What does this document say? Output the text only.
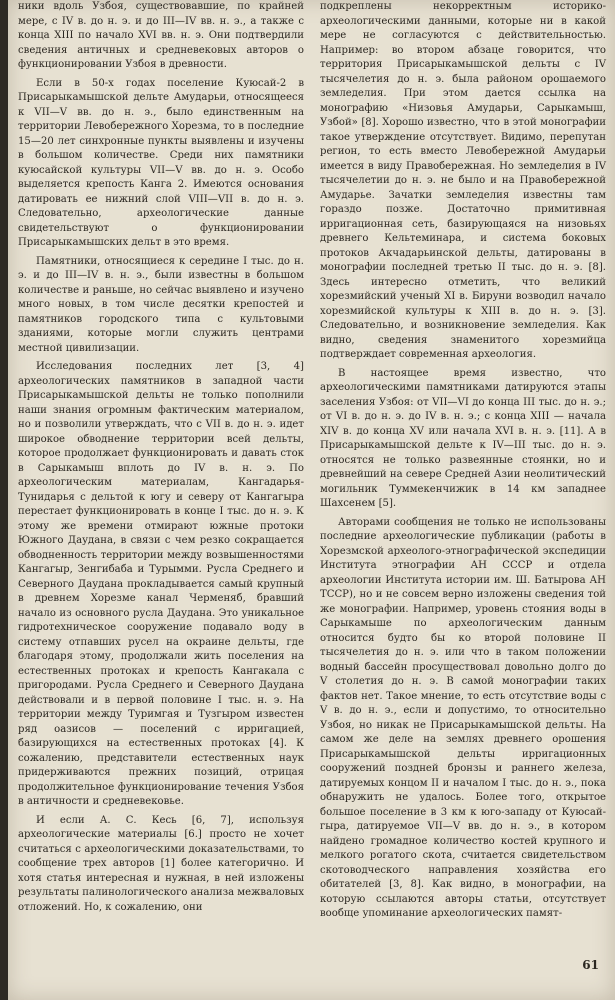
ники вдоль Узбоя, существовавшие, по крайней мере, с IV в. до н. э. и до III—IV вв. н. э., а также с конца XIII по начало XVI вв. н. э. Они подтвердили сведения античных и средневековых авторов о функционировании Узбоя в древности.

Если в 50-х годах поселение Куюсай-2 в Присарыкамышской дельте Амударьи, относящееся к VII—V вв. до н. э., было единственным на территории Левобережного Хорезма, то в последние 15—20 лет синхронные пункты выявлены и изучены в большом количестве. Среди них памятники куюсайской культуры VII—V вв. до н. э. Особо выделяется крепость Канга 2. Имеются основания датировать ее нижний слой VIII—VII в. до н. э. Следовательно, археологические данные свидетельствуют о функционировании Присарыкамышских дельт в это время.

Памятники, относящиеся к середине I тыс. до н. э. и до III—IV в. н. э., были известны в большом количестве и раньше, но сейчас выявлено и изучено много новых, в том числе десятки крепостей и памятников городского типа с культовыми зданиями, которые могли служить центрами местной цивилизации.

Исследования последних лет [3, 4] археологических памятников в западной части Присарыкамышской дельты не только пополнили наши знания огромным фактическим материалом, но и позволили утверждать, что с VII в. до н. э. идет широкое обводнение территории всей дельты, которое продолжает функционировать и давать сток в Сарыкамыш вплоть до IV в. н. э. По археологическим материалам, Кангадарья-Тунидарья с дельтой к югу и северу от Кангагыра перестает функционировать в конце I тыс. до н. э. К этому же времени отмирают южные протоки Южного Даудана, в связи с чем резко сокращается обводненность территории между возвышенностями Кангагыр, Зенгибаба и Турымми. Русла Среднего и Северного Даудана прокладывается самый крупный в древнем Хорезме канал Черменяб, бравший начало из основного русла Даудана. Это уникальное гидротехническое сооружение подавало воду в систему отпавших русел на окраине дельты, где благодаря этому, продолжали жить поселения на естественных протоках и крепость Кангакала с пригородами. Русла Среднего и Северного Даудана действовали и в первой половине I тыс. н. э. На территории между Туримгая и Тузгыром известен ряд оазисов — поселений с ирригацией, базирующихся на естественных протоках [4]. К сожалению, представители естественных наук придерживаются прежних позиций, отрицая продолжительное функционирование течения Узбоя в античности и средневековье.

И если А. С. Кесь [6, 7], используя археологические материалы [6.] просто не хочет считаться с археологическими доказательствами, то сообщение трех авторов [1] более категорично. И хотя статья интересная и нужная, в ней изложены результаты палинологического анализа межваловых отложений. Но, к сожалению, они

подкреплены некорректным историко-археологическими данными, которые ни в какой мере не согласуются с действительностью. Например: во втором абзаце говорится, что территория Присарыкамышской дельты с IV тысячелетия до н. э. была районом орошаемого земледелия. При этом дается ссылка на монографию «Низовья Амударьи, Сарыкамыш, Узбой» [8]. Хорошо известно, что в этой монографии такое утверждение отсутствует. Видимо, перепутан регион, то есть вместо Левобережной Амударьи имеется в виду Правобережная. Но земледелия в IV тысячелетии до н. э. не было и на Правобережной Амударье. Зачатки земледелия известны там гораздо позже. Достаточно примитивная ирригационная сеть, базирующаяся на низовьях древнего Кельтеминара, и система боковых протоков Акчадарьинской дельты, датированы в монографии последней третью II тыс. до н. э. [8]. Здесь интересно отметить, что великий хорезмийский ученый XI в. Бируни возводил начало хорезмийской культуры к XIII в. до н. э. [3]. Следовательно, и возникновение земледелия. Как видно, сведения знаменитого хорезмийца подтверждает современная археология.

В настоящее время известно, что археологическими памятниками датируются этапы заселения Узбоя: от VII—VI до конца III тыс. до н. э.; от VI в. до н. э. до IV в. н. э.; с конца XIII — начала XIV в. до конца XV или начала XVI в. н. э. [11]. А в Присарыкамышской дельте к IV—III тыс. до н. э. относятся не только развеянные стоянки, но и древнейший на севере Средней Азии неолитический могильник Туммекенчижик в 14 км западнее Шахсенем [5].

Авторами сообщения не только не использованы последние археологические публикации (работы в Хорезмской археолого-этнографической экспедиции Института этнографии АН СССР и отдела археологии Института истории им. Ш. Батырова АН ТССР), но и не совсем верно изложены сведения той же монографии. Например, уровень стояния воды в Сарыкамыше по археологическим данным относится будто бы ко второй половине II тысячелетия до н. э. или что в таком положении водный бассейн просуществовал довольно долго до V столетия до н. э. В самой монографии таких фактов нет. Такое мнение, то есть отсутствие воды с V в. до н. э., если и допустимо, то относительно Узбоя, но никак не Присарыкамышской дельты. На самом же деле на землях древнего орошения Присарыкамышской дельты ирригационных сооружений поздней бронзы и раннего железа, датируемых концом II и началом I тыс. до н. э., пока обнаружить не удалось. Более того, открытое большое поселение в 3 км к юго-западу от Куюсай-гыра, датируемое VII—V вв. до н. э., в котором найдено громадное количество костей крупного и мелкого рогатого скота, считается свидетельством скотоводческого направления хозяйства его обитателей [3, 8]. Как видно, в монографии, на которую ссылаются авторы статьи, отсутствует вообще упоминание археологических памят-

61
